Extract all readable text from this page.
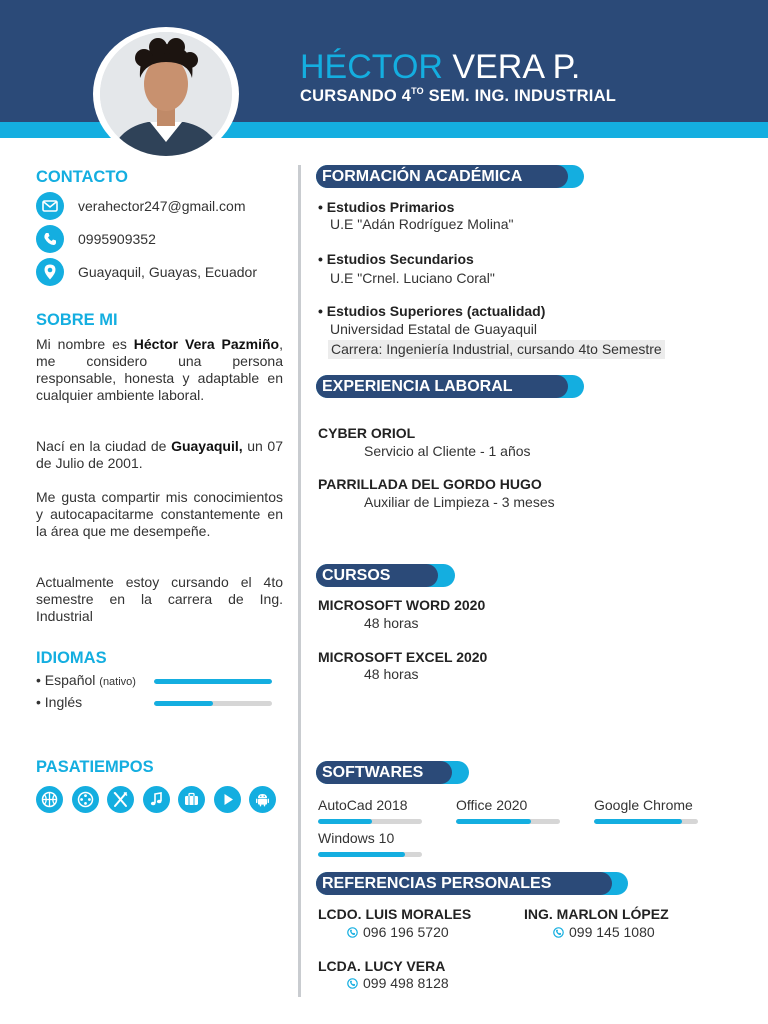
HÉCTOR VERA P.
CURSANDO $4^{TO}$ SEM. ING. INDUSTRIAL
CONTACTO
verahector247@gmail.com
0995909352
Guayaquil, Guayas, Ecuador
SOBRE MI
Mi nombre es Héctor Vera Pazmiño, me considero una persona responsable, honesta y adaptable en cualquier ambiente laboral.
Nací en la ciudad de Guayaquil, un 07 de Julio de 2001.
Me gusta compartir mis conocimientos y autocapacitarme constantemente en la área que me desempeñe.
Actualmente estoy cursando el 4to semestre en la carrera de Ing. Industrial
IDIOMAS
• Español (nativo)
• Inglés
PASATIEMPOS
FORMACIÓN ACADÉMICA
• Estudios Primarios
U.E "Adán Rodríguez Molina"
• Estudios Secundarios
U.E "Crnel. Luciano Coral"
• Estudios Superiores (actualidad)
Universidad Estatal de Guayaquil
Carrera: Ingeniería Industrial, cursando 4to Semestre
EXPERIENCIA LABORAL
CYBER ORIOL
Servicio al Cliente - 1 años
PARRILLADA DEL GORDO HUGO
Auxiliar de Limpieza - 3 meses
CURSOS
MICROSOFT WORD 2020
48 horas
MICROSOFT EXCEL 2020
48 horas
SOFTWARES
AutoCad 2018	Office 2020	Google Chrome
Windows 10
REFERENCIAS PERSONALES
LCDO. LUIS MORALES
096 196 5720
ING. MARLON LÓPEZ
099 145 1080
LCDA. LUCY VERA
099 498 8128
